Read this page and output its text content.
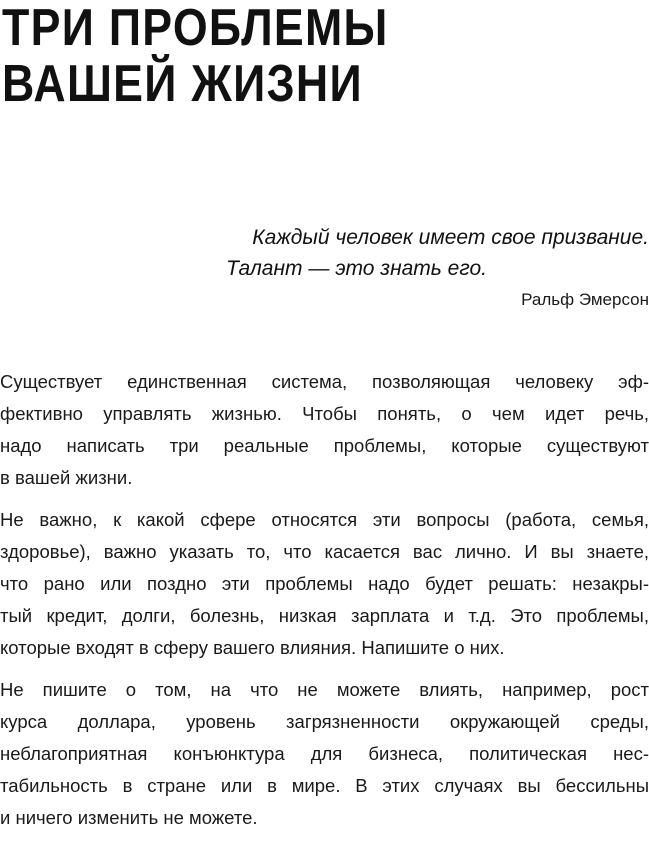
ТРИ ПРОБЛЕМЫ
ВАШЕЙ ЖИЗНИ

Каждый человек имеет свое призвание.
Талант — это знать его.

Ральф Эмерсон

Существует единственная система, позволяющая человеку эф-
фективно управлять жизнью. Чтобы понять, о чем идет речь,
надо написать три реальные проблемы, которые существуют
в вашей жизни.

Не важно, к какой сфере относятся эти вопросы (работа, семья,
здоровье), важно указать то, что касается вас лично. И вы знаете,
что рано или поздно эти проблемы надо будет решать: незакры-
тый кредит, долги, болезнь, низкая зарплата и т.д. Это проблемы,
которые входят в сферу вашего влияния. Напишите о них.

Не пишите о том, на что не можете влиять, например, рост
курса доллара, уровень загрязненности окружающей среды,
неблагоприятная конъюнктура для бизнеса, политическая нес-
табильность в стране или в мире. В этих случаях вы бессильны
и ничего изменить не можете.
